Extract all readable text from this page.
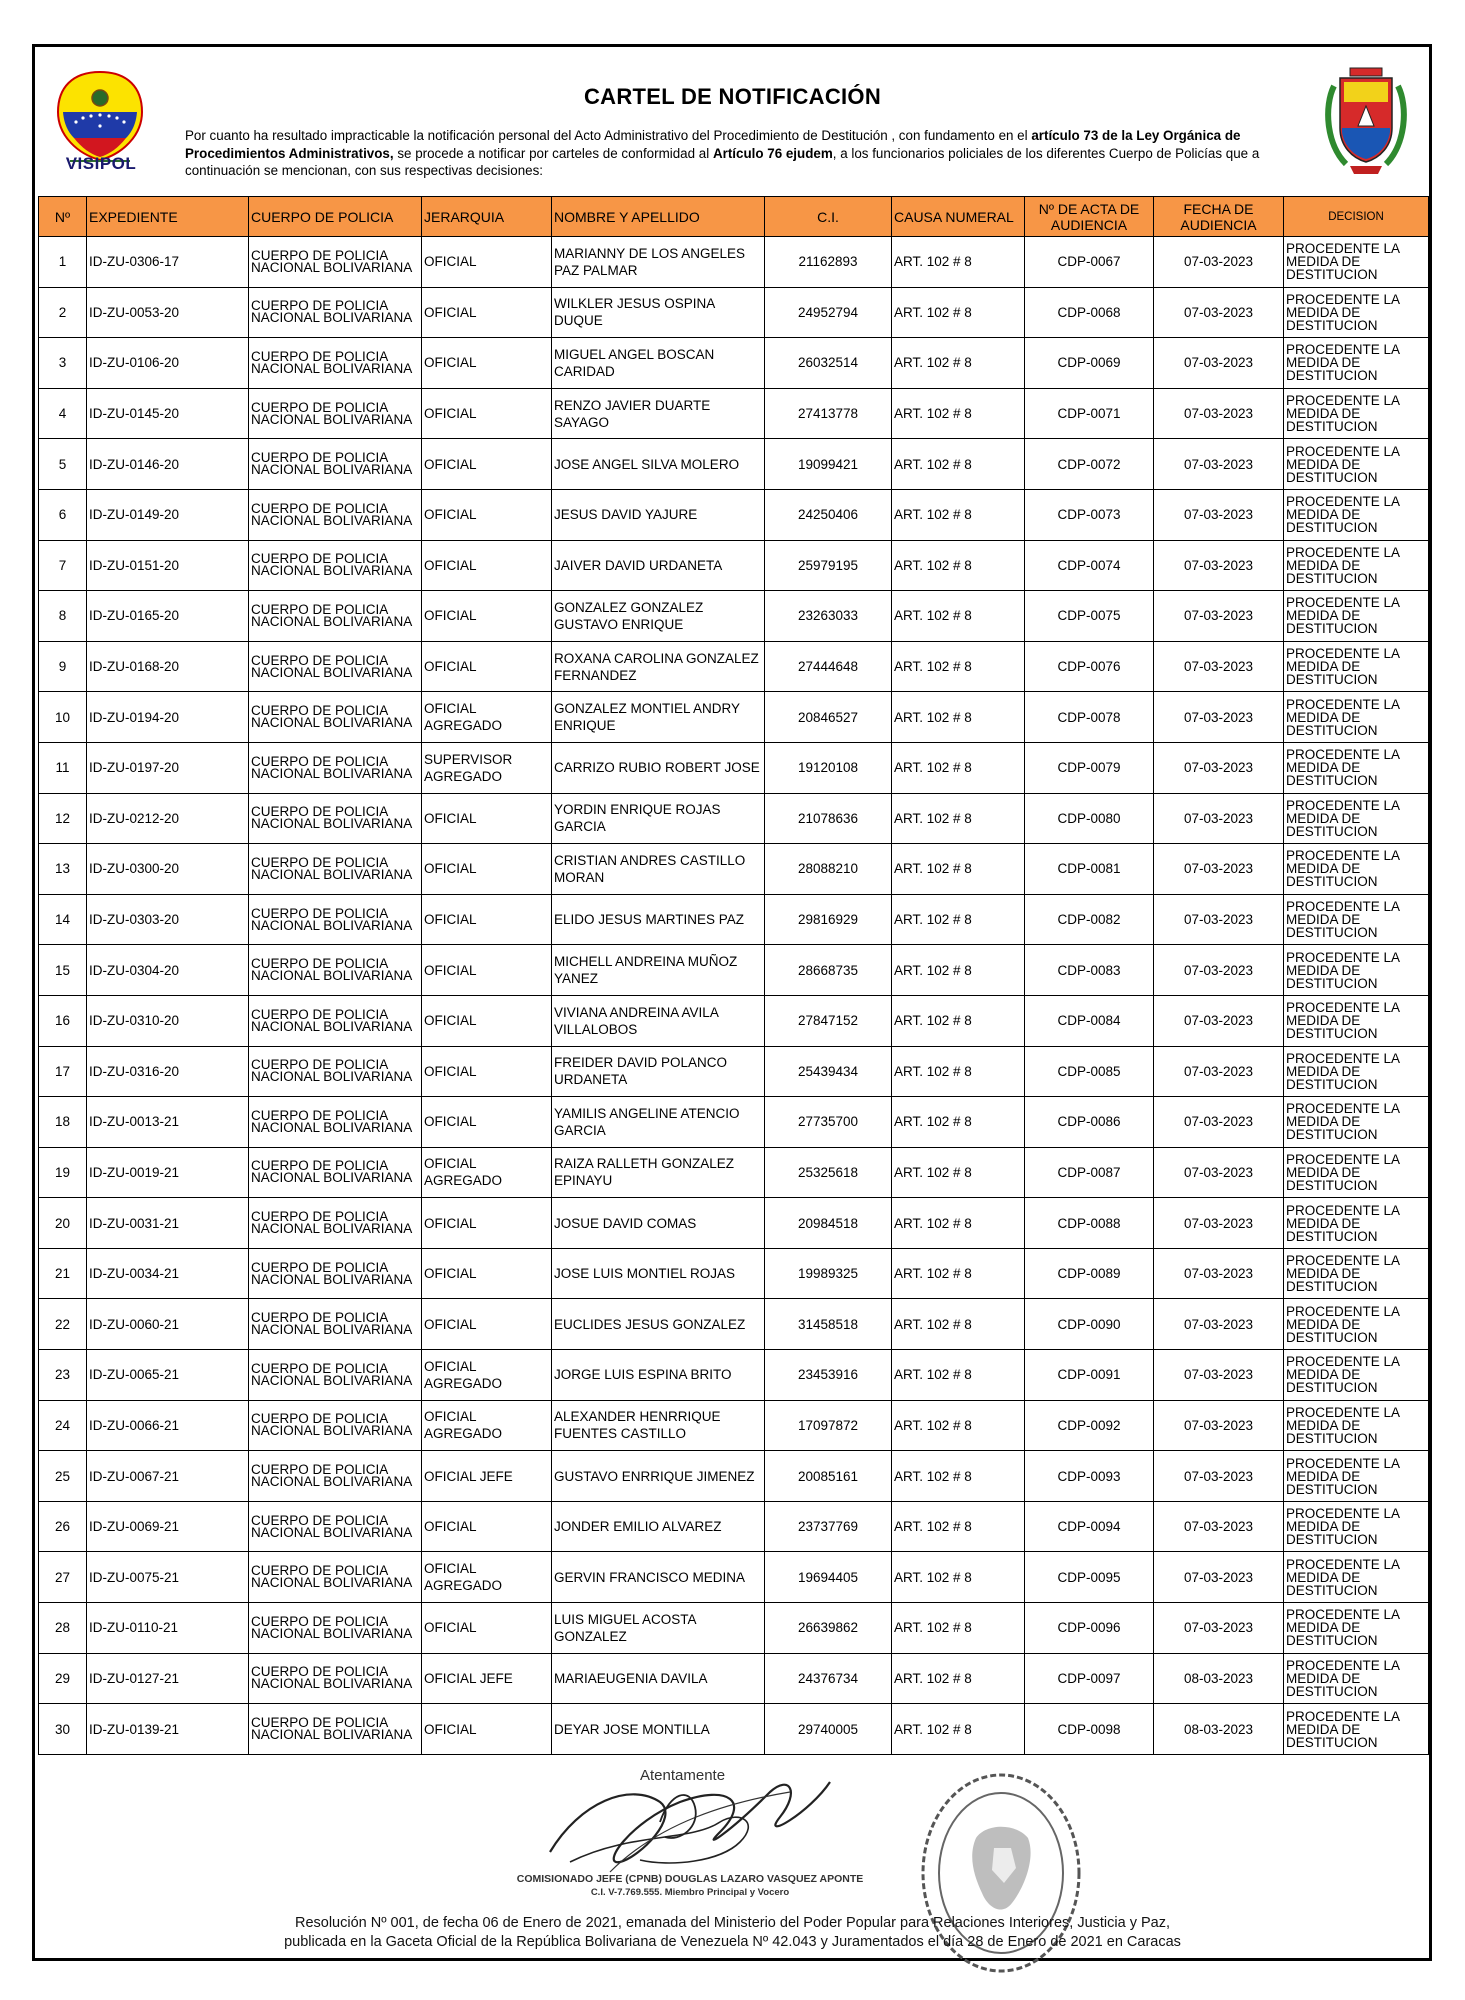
VISIPOL
CARTEL DE NOTIFICACIÓN
Por cuanto ha resultado impracticable la notificación personal del Acto Administrativo del Procedimiento de Destitución , con fundamento en el artículo 73 de la Ley Orgánica de Procedimientos Administrativos, se procede a notificar por carteles de conformidad al Artículo 76 ejudem, a los funcionarios policiales de los diferentes Cuerpo de Policías que a continuación se mencionan, con sus respectivas decisiones:
Nº	EXPEDIENTE	CUERPO DE POLICIA	JERARQUIA	NOMBRE Y APELLIDO	C.I.	CAUSA NUMERAL	Nº DE ACTA DE AUDIENCIA	FECHA DE AUDIENCIA	DECISION
1	ID-ZU-0306-17	CUERPO DE POLICIA NACIONAL BOLIVARIANA	OFICIAL	MARIANNY DE LOS ANGELES PAZ PALMAR	21162893	ART. 102 # 8	CDP-0067	07-03-2023	PROCEDENTE LA MEDIDA DE DESTITUCION
2	ID-ZU-0053-20	CUERPO DE POLICIA NACIONAL BOLIVARIANA	OFICIAL	WILKLER JESUS OSPINA DUQUE	24952794	ART. 102 # 8	CDP-0068	07-03-2023	PROCEDENTE LA MEDIDA DE DESTITUCION
3	ID-ZU-0106-20	CUERPO DE POLICIA NACIONAL BOLIVARIANA	OFICIAL	MIGUEL ANGEL BOSCAN CARIDAD	26032514	ART. 102 # 8	CDP-0069	07-03-2023	PROCEDENTE LA MEDIDA DE DESTITUCION
4	ID-ZU-0145-20	CUERPO DE POLICIA NACIONAL BOLIVARIANA	OFICIAL	RENZO JAVIER DUARTE SAYAGO	27413778	ART. 102 # 8	CDP-0071	07-03-2023	PROCEDENTE LA MEDIDA DE DESTITUCION
5	ID-ZU-0146-20	CUERPO DE POLICIA NACIONAL BOLIVARIANA	OFICIAL	JOSE ANGEL SILVA MOLERO	19099421	ART. 102 # 8	CDP-0072	07-03-2023	PROCEDENTE LA MEDIDA DE DESTITUCION
6	ID-ZU-0149-20	CUERPO DE POLICIA NACIONAL BOLIVARIANA	OFICIAL	JESUS DAVID YAJURE	24250406	ART. 102 # 8	CDP-0073	07-03-2023	PROCEDENTE LA MEDIDA DE DESTITUCION
7	ID-ZU-0151-20	CUERPO DE POLICIA NACIONAL BOLIVARIANA	OFICIAL	JAIVER DAVID URDANETA	25979195	ART. 102 # 8	CDP-0074	07-03-2023	PROCEDENTE LA MEDIDA DE DESTITUCION
8	ID-ZU-0165-20	CUERPO DE POLICIA NACIONAL BOLIVARIANA	OFICIAL	GONZALEZ GONZALEZ GUSTAVO ENRIQUE	23263033	ART. 102 # 8	CDP-0075	07-03-2023	PROCEDENTE LA MEDIDA DE DESTITUCION
9	ID-ZU-0168-20	CUERPO DE POLICIA NACIONAL BOLIVARIANA	OFICIAL	ROXANA CAROLINA GONZALEZ FERNANDEZ	27444648	ART. 102 # 8	CDP-0076	07-03-2023	PROCEDENTE LA MEDIDA DE DESTITUCION
10	ID-ZU-0194-20	CUERPO DE POLICIA NACIONAL BOLIVARIANA	OFICIAL AGREGADO	GONZALEZ MONTIEL ANDRY ENRIQUE	20846527	ART. 102 # 8	CDP-0078	07-03-2023	PROCEDENTE LA MEDIDA DE DESTITUCION
11	ID-ZU-0197-20	CUERPO DE POLICIA NACIONAL BOLIVARIANA	SUPERVISOR AGREGADO	CARRIZO RUBIO ROBERT JOSE	19120108	ART. 102 # 8	CDP-0079	07-03-2023	PROCEDENTE LA MEDIDA DE DESTITUCION
12	ID-ZU-0212-20	CUERPO DE POLICIA NACIONAL BOLIVARIANA	OFICIAL	YORDIN ENRIQUE ROJAS GARCIA	21078636	ART. 102 # 8	CDP-0080	07-03-2023	PROCEDENTE LA MEDIDA DE DESTITUCION
13	ID-ZU-0300-20	CUERPO DE POLICIA NACIONAL BOLIVARIANA	OFICIAL	CRISTIAN ANDRES CASTILLO MORAN	28088210	ART. 102 # 8	CDP-0081	07-03-2023	PROCEDENTE LA MEDIDA DE DESTITUCION
14	ID-ZU-0303-20	CUERPO DE POLICIA NACIONAL BOLIVARIANA	OFICIAL	ELIDO JESUS MARTINES PAZ	29816929	ART. 102 # 8	CDP-0082	07-03-2023	PROCEDENTE LA MEDIDA DE DESTITUCION
15	ID-ZU-0304-20	CUERPO DE POLICIA NACIONAL BOLIVARIANA	OFICIAL	MICHELL ANDREINA MUÑOZ YANEZ	28668735	ART. 102 # 8	CDP-0083	07-03-2023	PROCEDENTE LA MEDIDA DE DESTITUCION
16	ID-ZU-0310-20	CUERPO DE POLICIA NACIONAL BOLIVARIANA	OFICIAL	VIVIANA ANDREINA AVILA VILLALOBOS	27847152	ART. 102 # 8	CDP-0084	07-03-2023	PROCEDENTE LA MEDIDA DE DESTITUCION
17	ID-ZU-0316-20	CUERPO DE POLICIA NACIONAL BOLIVARIANA	OFICIAL	FREIDER DAVID POLANCO URDANETA	25439434	ART. 102 # 8	CDP-0085	07-03-2023	PROCEDENTE LA MEDIDA DE DESTITUCION
18	ID-ZU-0013-21	CUERPO DE POLICIA NACIONAL BOLIVARIANA	OFICIAL	YAMILIS ANGELINE ATENCIO GARCIA	27735700	ART. 102 # 8	CDP-0086	07-03-2023	PROCEDENTE LA MEDIDA DE DESTITUCION
19	ID-ZU-0019-21	CUERPO DE POLICIA NACIONAL BOLIVARIANA	OFICIAL AGREGADO	RAIZA RALLETH GONZALEZ EPINAYU	25325618	ART. 102 # 8	CDP-0087	07-03-2023	PROCEDENTE LA MEDIDA DE DESTITUCION
20	ID-ZU-0031-21	CUERPO DE POLICIA NACIONAL BOLIVARIANA	OFICIAL	JOSUE DAVID COMAS	20984518	ART. 102 # 8	CDP-0088	07-03-2023	PROCEDENTE LA MEDIDA DE DESTITUCION
21	ID-ZU-0034-21	CUERPO DE POLICIA NACIONAL BOLIVARIANA	OFICIAL	JOSE LUIS MONTIEL ROJAS	19989325	ART. 102 # 8	CDP-0089	07-03-2023	PROCEDENTE LA MEDIDA DE DESTITUCION
22	ID-ZU-0060-21	CUERPO DE POLICIA NACIONAL BOLIVARIANA	OFICIAL	EUCLIDES JESUS GONZALEZ	31458518	ART. 102 # 8	CDP-0090	07-03-2023	PROCEDENTE LA MEDIDA DE DESTITUCION
23	ID-ZU-0065-21	CUERPO DE POLICIA NACIONAL BOLIVARIANA	OFICIAL AGREGADO	JORGE LUIS ESPINA BRITO	23453916	ART. 102 # 8	CDP-0091	07-03-2023	PROCEDENTE LA MEDIDA DE DESTITUCION
24	ID-ZU-0066-21	CUERPO DE POLICIA NACIONAL BOLIVARIANA	OFICIAL AGREGADO	ALEXANDER HENRRIQUE FUENTES CASTILLO	17097872	ART. 102 # 8	CDP-0092	07-03-2023	PROCEDENTE LA MEDIDA DE DESTITUCION
25	ID-ZU-0067-21	CUERPO DE POLICIA NACIONAL BOLIVARIANA	OFICIAL JEFE	GUSTAVO ENRRIQUE JIMENEZ	20085161	ART. 102 # 8	CDP-0093	07-03-2023	PROCEDENTE LA MEDIDA DE DESTITUCION
26	ID-ZU-0069-21	CUERPO DE POLICIA NACIONAL BOLIVARIANA	OFICIAL	JONDER EMILIO ALVAREZ	23737769	ART. 102 # 8	CDP-0094	07-03-2023	PROCEDENTE LA MEDIDA DE DESTITUCION
27	ID-ZU-0075-21	CUERPO DE POLICIA NACIONAL BOLIVARIANA	OFICIAL AGREGADO	GERVIN FRANCISCO MEDINA	19694405	ART. 102 # 8	CDP-0095	07-03-2023	PROCEDENTE LA MEDIDA DE DESTITUCION
28	ID-ZU-0110-21	CUERPO DE POLICIA NACIONAL BOLIVARIANA	OFICIAL	LUIS MIGUEL ACOSTA GONZALEZ	26639862	ART. 102 # 8	CDP-0096	07-03-2023	PROCEDENTE LA MEDIDA DE DESTITUCION
29	ID-ZU-0127-21	CUERPO DE POLICIA NACIONAL BOLIVARIANA	OFICIAL JEFE	MARIAEUGENIA DAVILA	24376734	ART. 102 # 8	CDP-0097	08-03-2023	PROCEDENTE LA MEDIDA DE DESTITUCION
30	ID-ZU-0139-21	CUERPO DE POLICIA NACIONAL BOLIVARIANA	OFICIAL	DEYAR JOSE MONTILLA	29740005	ART. 102 # 8	CDP-0098	08-03-2023	PROCEDENTE LA MEDIDA DE DESTITUCION
Atentamente
COMISIONADO JEFE (CPNB) DOUGLAS LAZARO VASQUEZ APONTE
C.I. V-7.769.555. Miembro Principal y Vocero
Resolución Nº 001, de fecha 06 de Enero de 2021, emanada del Ministerio del Poder Popular para Relaciones Interiores, Justicia y Paz,
publicada en la Gaceta Oficial de la República Bolivariana de Venezuela Nº 42.043 y Juramentados el día 28 de Enero de 2021 en Caracas
